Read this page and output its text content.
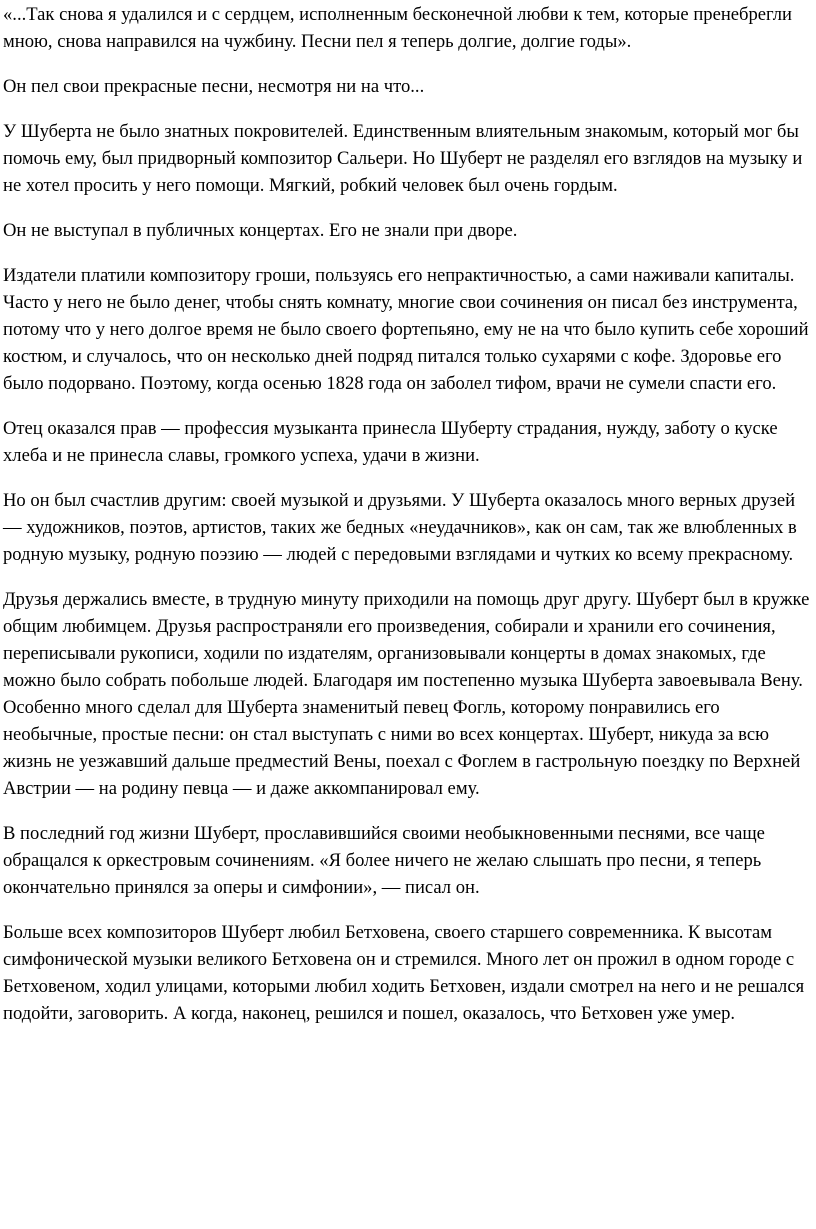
«...Так снова я удалился и с сердцем, исполненным бесконечной любви к тем, которые пренебрегли мною, снова направился на чужбину. Песни пел я теперь долгие, долгие годы».

Он пел свои прекрасные песни, несмотря ни на что...

У Шуберта не было знатных покровителей. Единственным влиятельным знакомым, который мог бы помочь ему, был придворный композитор Сальери. Но Шуберт не разделял его взглядов на музыку и не хотел просить у него помощи. Мягкий, робкий человек был очень гордым.

Он не выступал в публичных концертах. Его не знали при дворе.

Издатели платили композитору гроши, пользуясь его непрактичностью, а сами наживали капиталы. Часто у него не было денег, чтобы снять комнату, многие свои сочинения он писал без инструмента, потому что у него долгое время не было своего фортепьяно, ему не на что было купить себе хороший костюм, и случалось, что он несколько дней подряд питался только сухарями с кофе. Здоровье его было подорвано. Поэтому, когда осенью 1828 года он заболел тифом, врачи не сумели спасти его.

Отец оказался прав — профессия музыканта принесла Шуберту страдания, нужду, заботу о куске хлеба и не принесла славы, громкого успеха, удачи в жизни.

Но он был счастлив другим: своей музыкой и друзьями. У Шуберта оказалось много верных друзей — художников, поэтов, артистов, таких же бедных «неудачников», как он сам, так же влюбленных в родную музыку, родную поэзию — людей с передовыми взглядами и чутких ко всему прекрасному.

Друзья держались вместе, в трудную минуту приходили на помощь друг другу. Шуберт был в кружке общим любимцем. Друзья распространяли его произведения, собирали и хранили его сочинения, переписывали рукописи, ходили по издателям, организовывали концерты в домах знакомых, где можно было собрать побольше людей. Благодаря им постепенно музыка Шуберта завоевывала Вену. Особенно много сделал для Шуберта знаменитый певец Фогль, которому понравились его необычные, простые песни: он стал выступать с ними во всех концертах. Шуберт, никуда за всю жизнь не уезжавший дальше предместий Вены, поехал с Фоглем в гастрольную поездку по Верхней Австрии — на родину певца — и даже аккомпанировал ему.

В последний год жизни Шуберт, прославившийся своими необыкновенными песнями, все чаще обращался к оркестровым сочинениям. «Я более ничего не желаю слышать про песни, я теперь окончательно принялся за оперы и симфонии», — писал он.

Больше всех композиторов Шуберт любил Бетховена, своего старшего современника. К высотам симфонической музыки великого Бетховена он и стремился. Много лет он прожил в одном городе с Бетховеном, ходил улицами, которыми любил ходить Бетховен, издали смотрел на него и не решался подойти, заговорить. А когда, наконец, решился и пошел, оказалось, что Бетховен уже умер.
